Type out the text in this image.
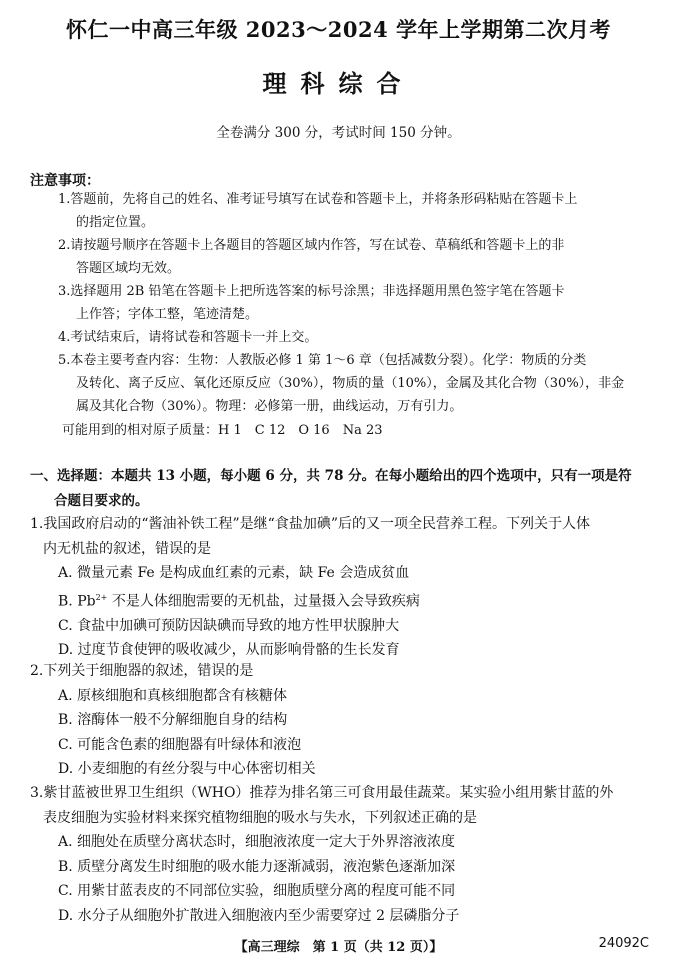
怀仁一中高三年级 2023～2024 学年上学期第二次月考
理科综合
全卷满分 300 分，考试时间 150 分钟。
注意事项：

1.答题前，先将自己的姓名、准考证号填写在试卷和答题卡上，并将条形码粘贴在答题卡上
的指定位置。

2.请按题号顺序在答题卡上各题目的答题区域内作答，写在试卷、草稿纸和答题卡上的非
答题区域均无效。

3.选择题用 2B 铅笔在答题卡上把所选答案的标号涂黑；非选择题用黑色签字笔在答题卡
上作答；字体工整，笔迹清楚。

4.考试结束后，请将试卷和答题卡一并上交。

5.本卷主要考查内容：生物：人教版必修 1 第 1～6 章（包括减数分裂）。化学：物质的分类
及转化、离子反应、氧化还原反应（30%），物质的量（10%），金属及其化合物（30%），非金
属及其化合物（30%）。物理：必修第一册，曲线运动，万有引力。

可能用到的相对原子质量：H 1　C 12　O 16　Na 23
一、选择题：本题共 13 小题，每小题 6 分，共 78 分。在每小题给出的四个选项中，只有一项是符
合题目要求的。

1.我国政府启动的“酱油补铁工程”是继“食盐加碘”后的又一项全民营养工程。下列关于人体
内无机盐的叙述，错误的是

A. 微量元素 Fe 是构成血红素的元素，缺 Fe 会造成贫血

B. $Pb^{2+}$ 不是人体细胞需要的无机盐，过量摄入会导致疾病

C. 食盐中加碘可预防因缺碘而导致的地方性甲状腺肿大

D. 过度节食使钾的吸收减少，从而影响骨骼的生长发育

2.下列关于细胞器的叙述，错误的是

A. 原核细胞和真核细胞都含有核糖体

B. 溶酶体一般不分解细胞自身的结构

C. 可能含色素的细胞器有叶绿体和液泡

D. 小麦细胞的有丝分裂与中心体密切相关

3.紫甘蓝被世界卫生组织（WHO）推荐为排名第三可食用最佳蔬菜。某实验小组用紫甘蓝的外
表皮细胞为实验材料来探究植物细胞的吸水与失水，下列叙述正确的是

A. 细胞处在质壁分离状态时，细胞液浓度一定大于外界溶液浓度

B. 质壁分离发生时细胞的吸水能力逐渐减弱，液泡紫色逐渐加深

C. 用紫甘蓝表皮的不同部位实验，细胞质壁分离的程度可能不同

D. 水分子从细胞外扩散进入细胞液内至少需要穿过 2 层磷脂分子

【高三理综　第 1 页（共 12 页）】	24092C
